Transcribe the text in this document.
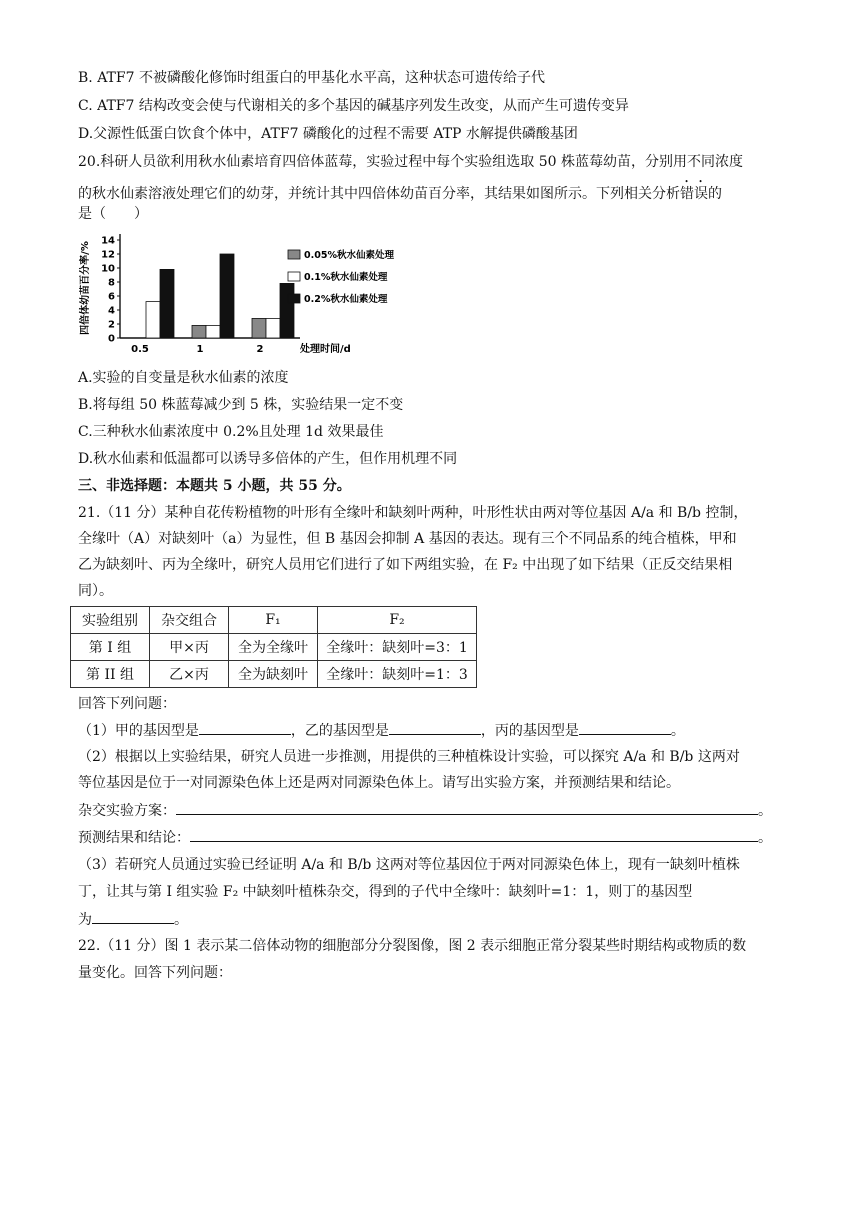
B. ATF7 不被磷酸化修饰时组蛋白的甲基化水平高，这种状态可遗传给子代
C. ATF7 结构改变会使与代谢相关的多个基因的碱基序列发生改变，从而产生可遗传变异
D.父源性低蛋白饮食个体中，ATF7 磷酸化的过程不需要 ATP 水解提供磷酸基团
20.科研人员欲利用秋水仙素培育四倍体蓝莓，实验过程中每个实验组选取 50 株蓝莓幼苗，分别用不同浓度
的秋水仙素溶液处理它们的幼芽，并统计其中四倍体幼苗百分率，其结果如图所示。下列相关分析错误的
是（　　）
四倍体幼苗百分率/%
0
2
4
6
8
10
12
14
0.5	1	2	处理时间/d
0.05%秋水仙素处理
0.1%秋水仙素处理
0.2%秋水仙素处理
A.实验的自变量是秋水仙素的浓度
B.将每组 50 株蓝莓减少到 5 株，实验结果一定不变
C.三种秋水仙素浓度中 0.2%且处理 1d 效果最佳
D.秋水仙素和低温都可以诱导多倍体的产生，但作用机理不同
三、非选择题：本题共 5 小题，共 55 分。
21.（11 分）某种自花传粉植物的叶形有全缘叶和缺刻叶两种，叶形性状由两对等位基因 A/a 和 B/b 控制，
全缘叶（A）对缺刻叶（a）为显性，但 B 基因会抑制 A 基因的表达。现有三个不同品系的纯合植株，甲和
乙为缺刻叶、丙为全缘叶，研究人员用它们进行了如下两组实验，在 F₂ 中出现了如下结果（正反交结果相
同）。
实验组别	杂交组合	F₁	F₂
第 I 组	甲×丙	全为全缘叶	全缘叶：缺刻叶=3：1
第 II 组	乙×丙	全为缺刻叶	全缘叶：缺刻叶=1：3
回答下列问题：
（1）甲的基因型是	，乙的基因型是	，丙的基因型是	。
（2）根据以上实验结果，研究人员进一步推测，用提供的三种植株设计实验，可以探究 A/a 和 B/b 这两对
等位基因是位于一对同源染色体上还是两对同源染色体上。请写出实验方案，并预测结果和结论。
杂交实验方案：	。
预测结果和结论：	。
（3）若研究人员通过实验已经证明 A/a 和 B/b 这两对等位基因位于两对同源染色体上，现有一缺刻叶植株
丁，让其与第 I 组实验 F₂ 中缺刻叶植株杂交，得到的子代中全缘叶：缺刻叶=1：1，则丁的基因型
为	。
22.（11 分）图 1 表示某二倍体动物的细胞部分分裂图像，图 2 表示细胞正常分裂某些时期结构或物质的数
量变化。回答下列问题：
